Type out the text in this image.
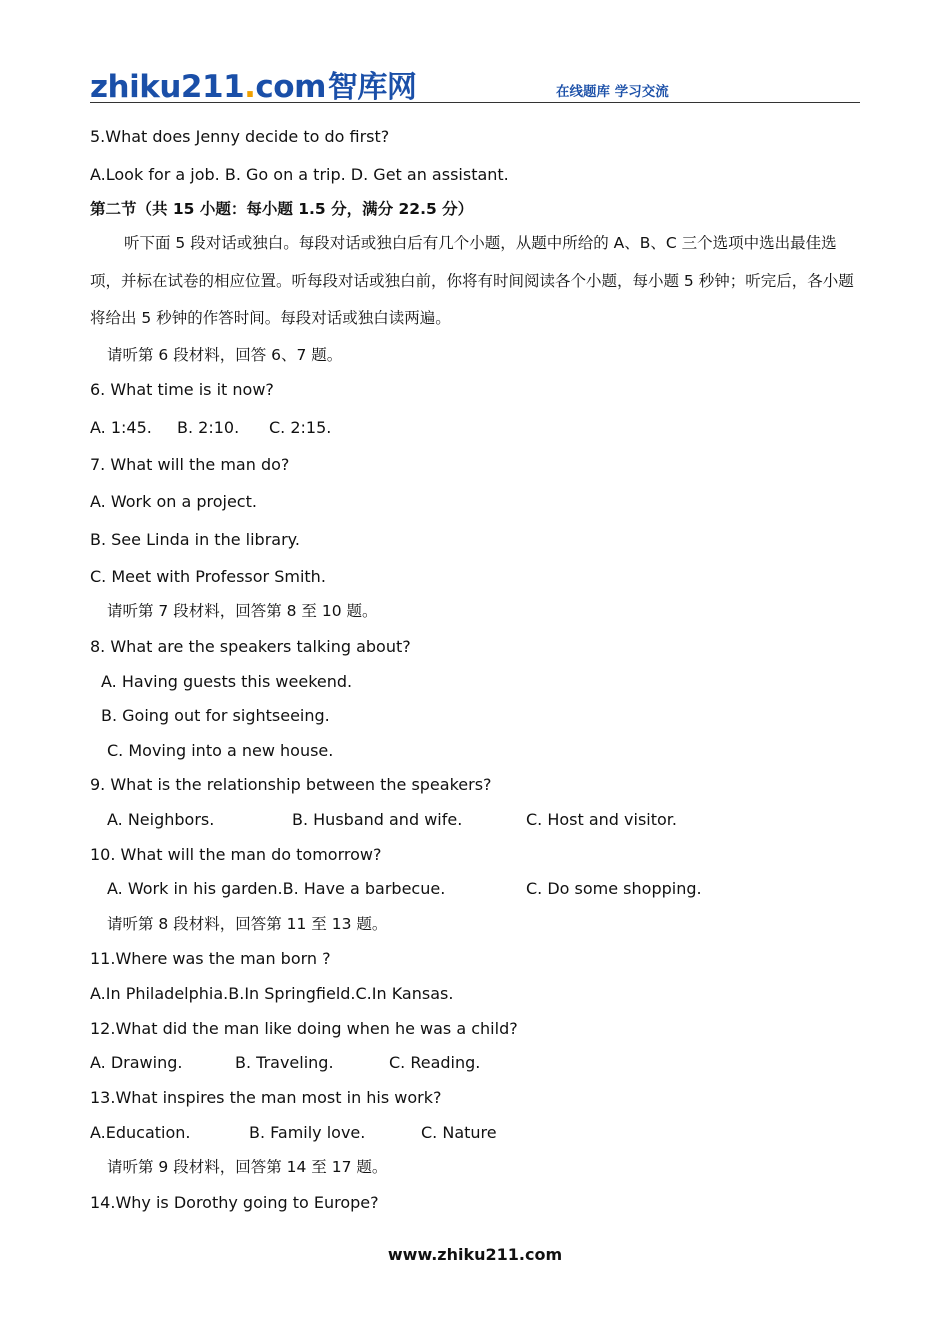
zhiku211.com智库网	在线题库 学习交流
5.What does Jenny decide to do first?
A.Look for a job. B. Go on a trip. D. Get an assistant.
第二节（共 15 小题：每小题 1.5 分，满分 22.5 分）
听下面 5 段对话或独白。每段对话或独白后有几个小题，从题中所给的 A、B、C 三个选项中选出最佳选项，并标在试卷的相应位置。听每段对话或独白前，你将有时间阅读各个小题，每小题 5 秒钟；听完后，各小题将给出 5 秒钟的作答时间。每段对话或独白读两遍。
请听第 6 段材料，回答 6、7 题。
6. What time is it now?
A. 1:45. B. 2:10. C. 2:15.
7. What will the man do?
A. Work on a project.
B. See Linda in the library.
C. Meet with Professor Smith.
请听第 7 段材料，回答第 8 至 10 题。
8. What are the speakers talking about?
A. Having guests this weekend.
B. Going out for sightseeing.
C. Moving into a new house.
9. What is the relationship between the speakers?
A. Neighbors.	B. Husband and wife.	C. Host and visitor.
10. What will the man do tomorrow?
A. Work in his garden.B. Have a barbecue.	C. Do some shopping.
请听第 8 段材料，回答第 11 至 13 题。
11.Where was the man born ?
A.In Philadelphia.B.In Springfield.C.In Kansas.
12.What did the man like doing when he was a child?
A. Drawing.	B. Traveling.	C. Reading.
13.What inspires the man most in his work?
A.Education.	B. Family love.	C. Nature
请听第 9 段材料，回答第 14 至 17 题。
14.Why is Dorothy going to Europe?
www.zhiku211.com
